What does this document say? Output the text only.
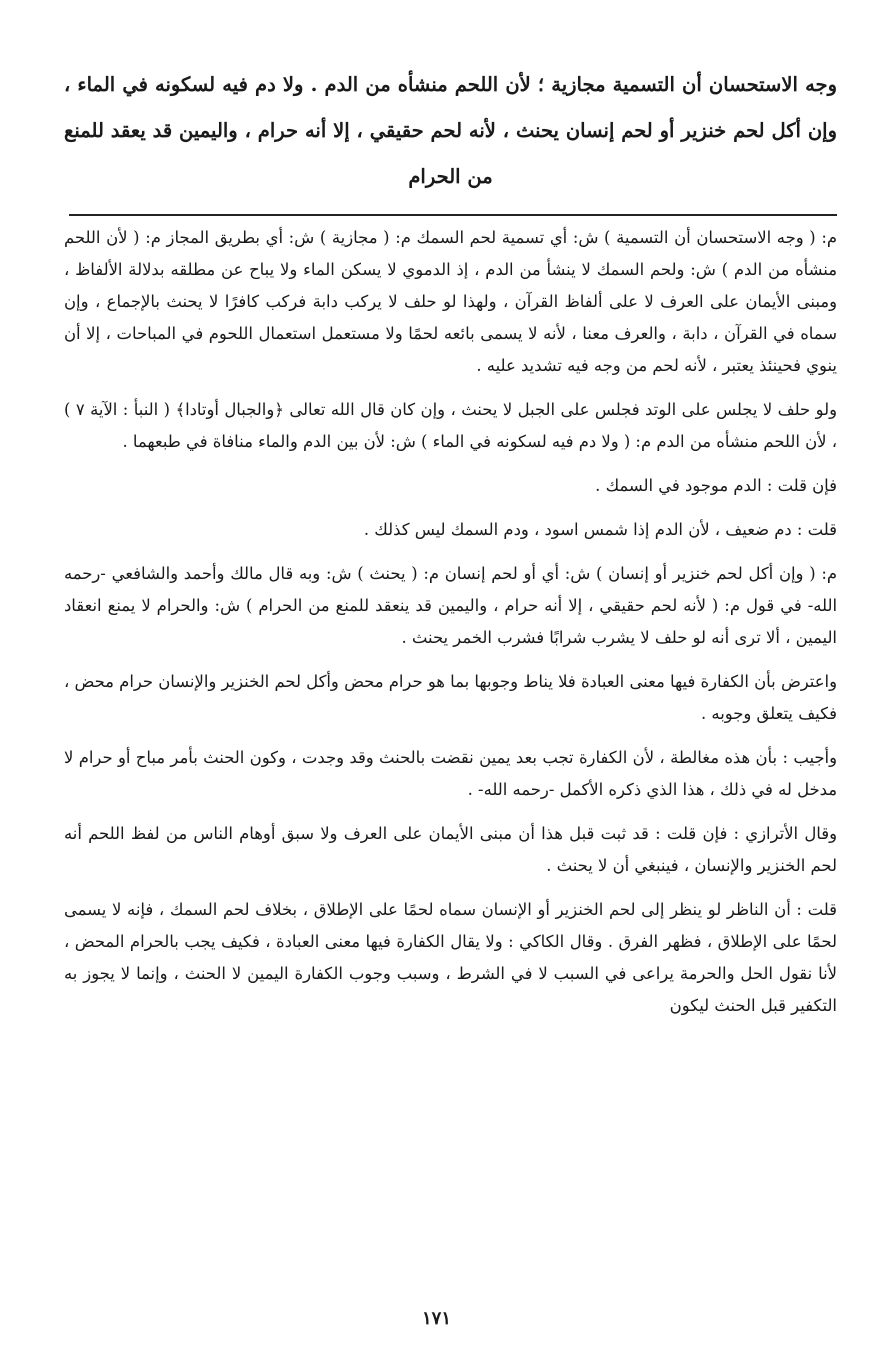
وجه الاستحسان أن التسمية مجازية ؛ لأن اللحم منشأه من الدم . ولا دم فيه لسكونه في الماء ، وإن أكل لحم خنزير أو لحم إنسان يحنث ، لأنه لحم حقيقي ، إلا أنه حرام ، واليمين قد يعقد للمنع من الحرام

م: ( وجه الاستحسان أن التسمية ) ش: أي تسمية لحم السمك م: ( مجازية ) ش: أي بطريق المجاز م: ( لأن اللحم منشأه من الدم ) ش: ولحم السمك لا ينشأ من الدم ، إذ الدموي لا يسكن الماء ولا يباح عن مطلقه بدلالة الألفاظ ، ومبنى الأيمان على العرف لا على ألفاظ القرآن ، ولهذا لو حلف لا يركب دابة فركب كافرًا لا يحنث بالإجماع ، وإن سماه في القرآن ، دابة ، والعرف معنا ، لأنه لا يسمى بائعه لحمًا ولا مستعمل استعمال اللحوم في المباحات ، إلا أن ينوي فحينئذ يعتبر ، لأنه لحم من وجه فيه تشديد عليه .

ولو حلف لا يجلس على الوتد فجلس على الجبل لا يحنث ، وإن كان قال الله تعالى ﴿والجبال أوتادا﴾ ( النبأ : الآية ٧ ) ، لأن اللحم منشأه من الدم م: ( ولا دم فيه لسكونه في الماء ) ش: لأن بين الدم والماء منافاة في طبعهما .

فإن قلت : الدم موجود في السمك .

قلت : دم ضعيف ، لأن الدم إذا شمس اسود ، ودم السمك ليس كذلك .

م: ( وإن أكل لحم خنزير أو إنسان ) ش: أي أو لحم إنسان م: ( يحنث ) ش: وبه قال مالك وأحمد والشافعي -رحمه الله- في قول م: ( لأنه لحم حقيقي ، إلا أنه حرام ، واليمين قد ينعقد للمنع من الحرام ) ش: والحرام لا يمنع انعقاد اليمين ، ألا ترى أنه لو حلف لا يشرب شرابًا فشرب الخمر يحنث .

واعترض بأن الكفارة فيها معنى العبادة فلا يناط وجوبها بما هو حرام محض وأكل لحم الخنزير والإنسان حرام محض ، فكيف يتعلق وجوبه .

وأجيب : بأن هذه مغالطة ، لأن الكفارة تجب بعد يمين نقضت بالحنث وقد وجدت ، وكون الحنث بأمر مباح أو حرام لا مدخل له في ذلك ، هذا الذي ذكره الأكمل -رحمه الله- .

وقال الأترازي : فإن قلت : قد ثبت قبل هذا أن مبنى الأيمان على العرف ولا سبق أوهام الناس من لفظ اللحم أنه لحم الخنزير والإنسان ، فينبغي أن لا يحنث .

قلت : أن الناظر لو ينظر إلى لحم الخنزير أو الإنسان سماه لحمًا على الإطلاق ، بخلاف لحم السمك ، فإنه لا يسمى لحمًا على الإطلاق ، فظهر الفرق . وقال الكاكي : ولا يقال الكفارة فيها معنى العبادة ، فكيف يجب بالحرام المحض ، لأنا نقول الحل والحرمة يراعى في السبب لا في الشرط ، وسبب وجوب الكفارة اليمين لا الحنث ، وإنما لا يجوز به التكفير قبل الحنث ليكون

١٧١
